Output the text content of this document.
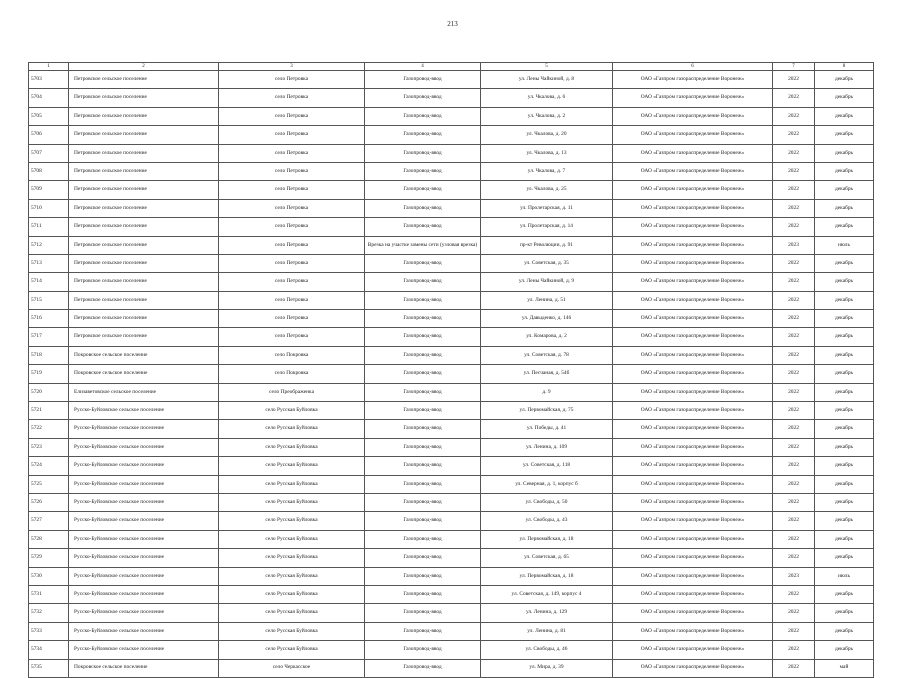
213
1	2	3	4	5	6	7	8
5703	Петровское сельское поселение	село Петровка	Газопровод-ввод	ул. Лены Чайкиной, д. 8	ОАО «Газпром газораспределение Воронеж»	2022	декабрь
5704	Петровское сельское поселение	село Петровка	Газопровод-ввод	ул. Чкалова, д. 6	ОАО «Газпром газораспределение Воронеж»	2022	декабрь
5705	Петровское сельское поселение	село Петровка	Газопровод-ввод	ул. Чкалова, д. 2	ОАО «Газпром газораспределение Воронеж»	2022	декабрь
5706	Петровское сельское поселение	село Петровка	Газопровод-ввод	ул. Чкалова, д. 20	ОАО «Газпром газораспределение Воронеж»	2022	декабрь
5707	Петровское сельское поселение	село Петровка	Газопровод-ввод	ул. Чкалова, д. 13	ОАО «Газпром газораспределение Воронеж»	2022	декабрь
5708	Петровское сельское поселение	село Петровка	Газопровод-ввод	ул. Чкалова, д. 7	ОАО «Газпром газораспределение Воронеж»	2022	декабрь
5709	Петровское сельское поселение	село Петровка	Газопровод-ввод	ул. Чкалова, д. 25	ОАО «Газпром газораспределение Воронеж»	2022	декабрь
5710	Петровское сельское поселение	село Петровка	Газопровод-ввод	ул. Пролетарская, д. 11	ОАО «Газпром газораспределение Воронеж»	2022	декабрь
5711	Петровское сельское поселение	село Петровка	Газопровод-ввод	ул. Пролетарская, д. 14	ОАО «Газпром газораспределение Воронеж»	2022	декабрь
5712	Петровское сельское поселение	село Петровка	Врезка на участке замены сети (узловая врезка)	пр-кт Революции, д. 91	ОАО «Газпром газораспределение Воронеж»	2023	июль
5713	Петровское сельское поселение	село Петровка	Газопровод-ввод	ул. Советская, д. 35	ОАО «Газпром газораспределение Воронеж»	2022	декабрь
5714	Петровское сельское поселение	село Петровка	Газопровод-ввод	ул. Лены Чайкиной, д. 9	ОАО «Газпром газораспределение Воронеж»	2022	декабрь
5715	Петровское сельское поселение	село Петровка	Газопровод-ввод	ул. Ленина, д. 51	ОАО «Газпром газораспределение Воронеж»	2022	декабрь
5716	Петровское сельское поселение	село Петровка	Газопровод-ввод	ул. Давыденко, д. 146	ОАО «Газпром газораспределение Воронеж»	2022	декабрь
5717	Петровское сельское поселение	село Петровка	Газопровод-ввод	ул. Комарова, д. 2	ОАО «Газпром газораспределение Воронеж»	2022	декабрь
5718	Покровское сельское поселение	село Покровка	Газопровод-ввод	ул. Советская, д. 78	ОАО «Газпром газораспределение Воронеж»	2022	декабрь
5719	Покровское сельское поселение	село Покровка	Газопровод-ввод	ул. Песчаная, д. 54б	ОАО «Газпром газораспределение Воронеж»	2022	декабрь
5720	Елизаветовское сельское поселение	село Преображенка	Газопровод-ввод	д. 9	ОАО «Газпром газораспределение Воронеж»	2022	декабрь
5721	Русско-Буйловское сельское поселение	село Русская Буйловка	Газопровод-ввод	ул. Первомайская, д. 75	ОАО «Газпром газораспределение Воронеж»	2022	декабрь
5722	Русско-Буйловское сельское поселение	село Русская Буйловка	Газопровод-ввод	ул. Победы, д. 41	ОАО «Газпром газораспределение Воронеж»	2022	декабрь
5723	Русско-Буйловское сельское поселение	село Русская Буйловка	Газопровод-ввод	ул. Ленина, д. 109	ОАО «Газпром газораспределение Воронеж»	2022	декабрь
5724	Русско-Буйловское сельское поселение	село Русская Буйловка	Газопровод-ввод	ул. Советская, д. 118	ОАО «Газпром газораспределение Воронеж»	2022	декабрь
5725	Русско-Буйловское сельское поселение	село Русская Буйловка	Газопровод-ввод	ул. Северная, д. 1, корпус б	ОАО «Газпром газораспределение Воронеж»	2022	декабрь
5726	Русско-Буйловское сельское поселение	село Русская Буйловка	Газопровод-ввод	ул. Свободы, д. 50	ОАО «Газпром газораспределение Воронеж»	2022	декабрь
5727	Русско-Буйловское сельское поселение	село Русская Буйловка	Газопровод-ввод	ул. Свободы, д. 43	ОАО «Газпром газораспределение Воронеж»	2022	декабрь
5728	Русско-Буйловское сельское поселение	село Русская Буйловка	Газопровод-ввод	ул. Первомайская, д. 18	ОАО «Газпром газораспределение Воронеж»	2022	декабрь
5729	Русско-Буйловское сельское поселение	село Русская Буйловка	Газопровод-ввод	ул. Советская, д. 65	ОАО «Газпром газораспределение Воронеж»	2022	декабрь
5730	Русско-Буйловское сельское поселение	село Русская Буйловка	Газопровод-ввод	ул. Первомайская, д. 18	ОАО «Газпром газораспределение Воронеж»	2023	июль
5731	Русско-Буйловское сельское поселение	село Русская Буйловка	Газопровод-ввод	ул. Советская, д. 149, корпус 4	ОАО «Газпром газораспределение Воронеж»	2022	декабрь
5732	Русско-Буйловское сельское поселение	село Русская Буйловка	Газопровод-ввод	ул. Ленина, д. 129	ОАО «Газпром газораспределение Воронеж»	2022	декабрь
5733	Русско-Буйловское сельское поселение	село Русская Буйловка	Газопровод-ввод	ул. Ленина, д. 81	ОАО «Газпром газораспределение Воронеж»	2022	декабрь
5734	Русско-Буйловское сельское поселение	село Русская Буйловка	Газопровод-ввод	ул. Свободы, д. 46	ОАО «Газпром газораспределение Воронеж»	2022	декабрь
5735	Покровское сельское поселение	село Черкасское	Газопровод-ввод	ул. Мира, д. 39	ОАО «Газпром газораспределение Воронеж»	2022	май
